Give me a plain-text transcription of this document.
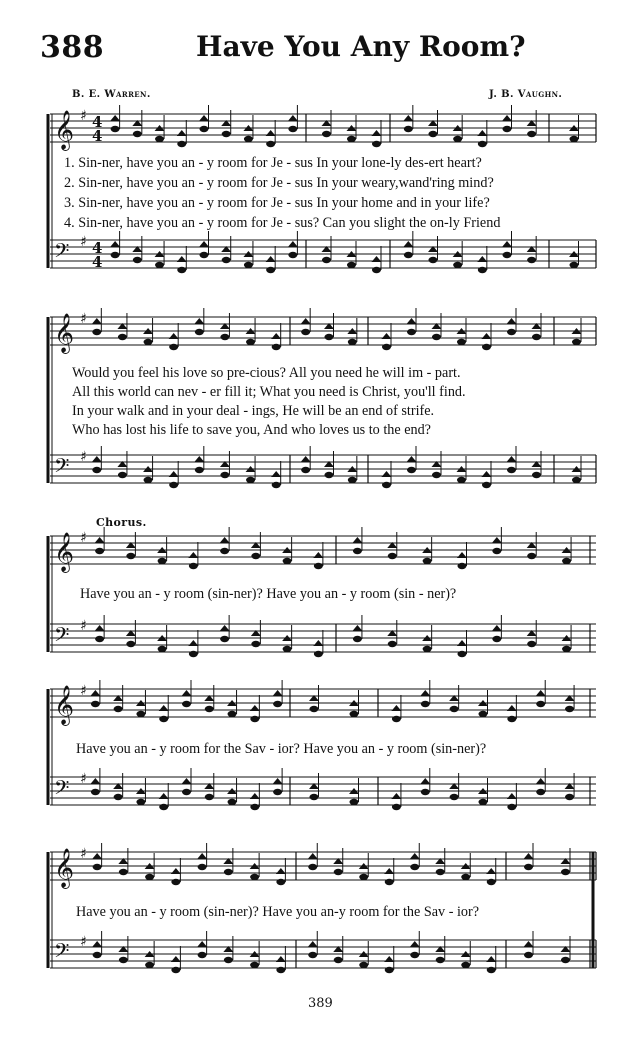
388	Have You Any Room?
B. E. Warren.	J. B. Vaughn.
𝄞 ♯ 4
4
𝄢 ♯ 4
4
1. Sin-ner, have you an - y room for Je - sus In your lone-ly des-ert heart?
2. Sin-ner, have you an - y room for Je - sus In your weary,wand'ring mind?
3. Sin-ner, have you an - y room for Je - sus In your home and in your life?
4. Sin-ner, have you an - y room for Je - sus? Can you slight the on-ly Friend
𝄞 ♯
𝄢 ♯
Would you feel his love so pre-cious? All you need he will im - part.
All this world can nev - er fill it; What you need is Christ, you'll find.
In your walk and in your deal - ings, He will be an end of strife.
Who has lost his life to save you, And who loves us to the end?
Chorus.
𝄞 ♯
𝄢 ♯
Have you an - y room (sin-ner)? Have you an - y room (sin - ner)?
𝄞 ♯
𝄢 ♯
Have you an - y room for the Sav - ior? Have you an - y room (sin-ner)?
𝄞 ♯
𝄢 ♯
Have you an - y room (sin-ner)? Have you an-y room for the Sav - ior?
389
